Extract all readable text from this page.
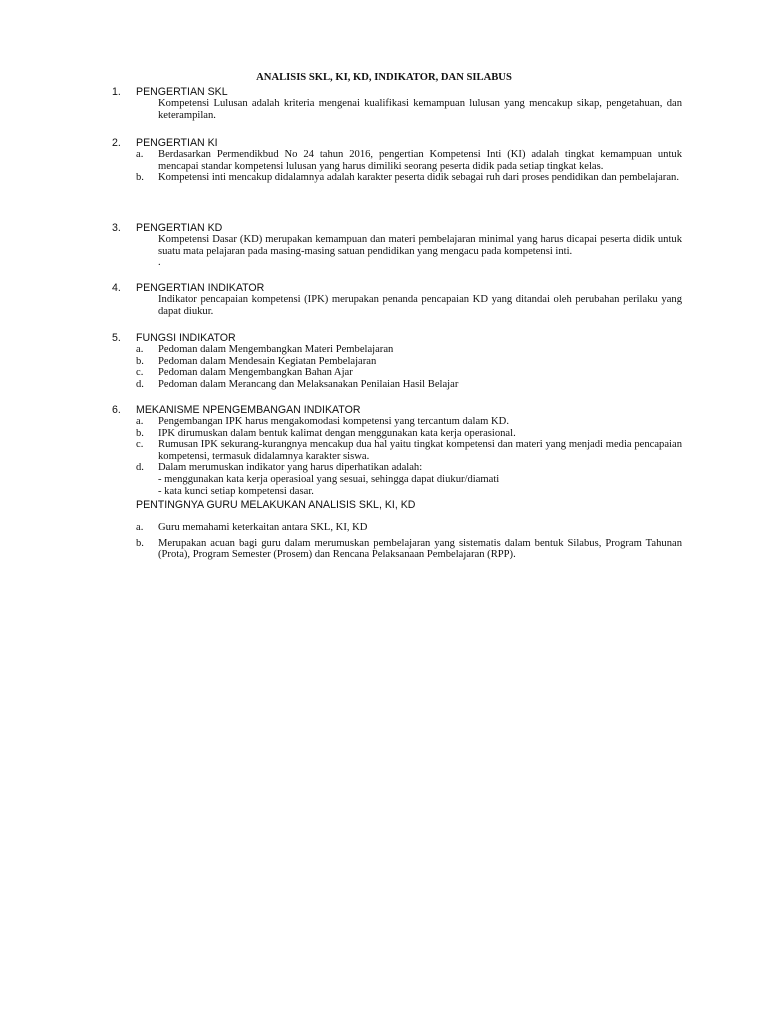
ANALISIS SKL, KI, KD, INDIKATOR, DAN SILABUS
1. PENGERTIAN SKL
Kompetensi Lulusan adalah kriteria mengenai kualifikasi kemampuan lulusan yang mencakup sikap, pengetahuan, dan keterampilan.
2. PENGERTIAN KI
a. Berdasarkan Permendikbud No 24 tahun 2016, pengertian Kompetensi Inti (KI) adalah tingkat kemampuan untuk mencapai standar kompetensi lulusan yang harus dimiliki seorang peserta didik pada setiap tingkat kelas.
b. Kompetensi inti mencakup didalamnya adalah karakter peserta didik sebagai ruh dari proses pendidikan dan pembelajaran.
3. PENGERTIAN KD
Kompetensi Dasar (KD) merupakan kemampuan dan materi pembelajaran minimal yang harus dicapai peserta didik untuk suatu mata pelajaran pada masing-masing satuan pendidikan yang mengacu pada kompetensi inti.
.
4. PENGERTIAN INDIKATOR
Indikator pencapaian kompetensi (IPK) merupakan penanda pencapaian KD yang ditandai oleh perubahan perilaku yang dapat diukur.
5. FUNGSI INDIKATOR
a. Pedoman dalam Mengembangkan Materi Pembelajaran
b. Pedoman dalam Mendesain Kegiatan Pembelajaran
c. Pedoman dalam Mengembangkan Bahan Ajar
d. Pedoman dalam Merancang dan Melaksanakan Penilaian Hasil Belajar
6. MEKANISME NPENGEMBANGAN INDIKATOR
a. Pengembangan IPK harus mengakomodasi kompetensi yang tercantum dalam KD.
b. IPK dirumuskan dalam bentuk kalimat dengan menggunakan kata kerja operasional.
c. Rumusan IPK sekurang-kurangnya mencakup dua hal yaitu tingkat kompetensi dan materi yang menjadi media pencapaian kompetensi, termasuk didalamnya karakter siswa.
d. Dalam merumuskan indikator yang harus diperhatikan adalah:
- menggunakan kata kerja operasioal yang sesuai, sehingga dapat diukur/diamati
- kata kunci setiap kompetensi dasar.
PENTINGNYA GURU MELAKUKAN ANALISIS SKL, KI, KD
a. Guru memahami keterkaitan antara SKL, KI, KD
b. Merupakan acuan bagi guru dalam merumuskan pembelajaran yang sistematis dalam bentuk Silabus, Program Tahunan (Prota), Program Semester (Prosem) dan Rencana Pelaksanaan Pembelajaran (RPP).
